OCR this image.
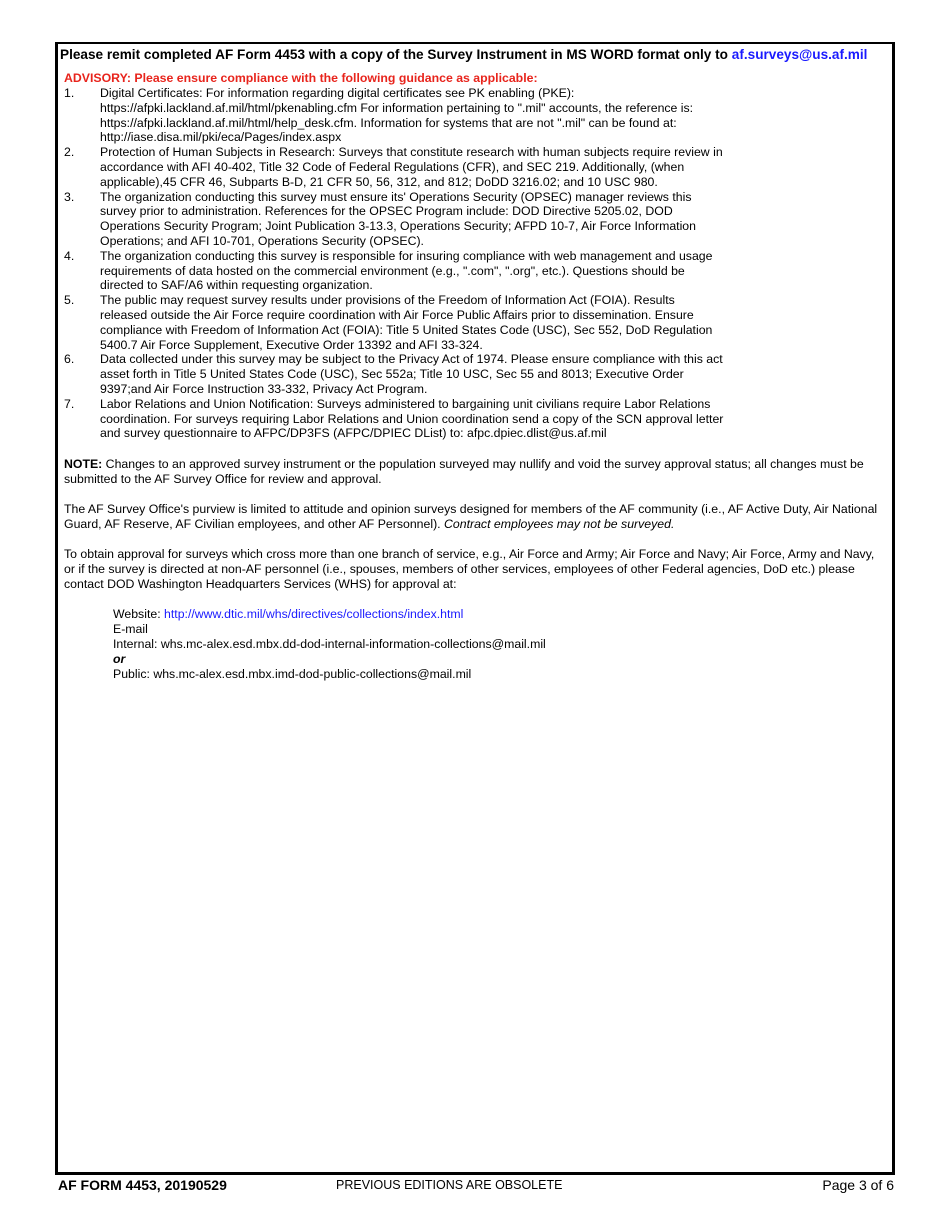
Please remit completed AF Form 4453 with a copy of the Survey Instrument in MS WORD format only to af.surveys@us.af.mil
ADVISORY: Please ensure compliance with the following guidance as applicable:
1. Digital Certificates: For information regarding digital certificates see PK enabling (PKE):
https://afpki.lackland.af.mil/html/pkenabling.cfm For information pertaining to ".mil" accounts, the reference is:
https://afpki.lackland.af.mil/html/help_desk.cfm. Information for systems that are not ".mil" can be found at:
http://iase.disa.mil/pki/eca/Pages/index.aspx
2. Protection of Human Subjects in Research: Surveys that constitute research with human subjects require review in
accordance with AFI 40-402, Title 32 Code of Federal Regulations (CFR), and SEC 219. Additionally, (when
applicable),45 CFR 46, Subparts B-D, 21 CFR 50, 56, 312, and 812; DoDD 3216.02; and 10 USC 980.
3. The organization conducting this survey must ensure its' Operations Security (OPSEC) manager reviews this
survey prior to administration. References for the OPSEC Program include: DOD Directive 5205.02, DOD
Operations Security Program; Joint Publication 3-13.3, Operations Security; AFPD 10-7, Air Force Information
Operations; and AFI 10-701, Operations Security (OPSEC).
4. The organization conducting this survey is responsible for insuring compliance with web management and usage
requirements of data hosted on the commercial environment (e.g., ".com", ".org", etc.). Questions should be
directed to SAF/A6 within requesting organization.
5. The public may request survey results under provisions of the Freedom of Information Act (FOIA). Results
released outside the Air Force require coordination with Air Force Public Affairs prior to dissemination. Ensure
compliance with Freedom of Information Act (FOIA): Title 5 United States Code (USC), Sec 552, DoD Regulation
5400.7 Air Force Supplement, Executive Order 13392 and AFI 33-324.
6. Data collected under this survey may be subject to the Privacy Act of 1974. Please ensure compliance with this act
asset forth in Title 5 United States Code (USC), Sec 552a; Title 10 USC, Sec 55 and 8013; Executive Order
9397;and Air Force Instruction 33-332, Privacy Act Program.
7. Labor Relations and Union Notification: Surveys administered to bargaining unit civilians require Labor Relations
coordination. For surveys requiring Labor Relations and Union coordination send a copy of the SCN approval letter
and survey questionnaire to AFPC/DP3FS (AFPC/DPIEC DList) to: afpc.dpiec.dlist@us.af.mil
NOTE: Changes to an approved survey instrument or the population surveyed may nullify and void the survey approval status; all changes must be
submitted to the AF Survey Office for review and approval.
The AF Survey Office's purview is limited to attitude and opinion surveys designed for members of the AF community (i.e., AF Active Duty, Air National
Guard, AF Reserve, AF Civilian employees, and other AF Personnel). Contract employees may not be surveyed.
To obtain approval for surveys which cross more than one branch of service, e.g., Air Force and Army; Air Force and Navy; Air Force, Army and Navy,
or if the survey is directed at non-AF personnel (i.e., spouses, members of other services, employees of other Federal agencies, DoD etc.) please
contact DOD Washington Headquarters Services (WHS) for approval at:
Website: http://www.dtic.mil/whs/directives/collections/index.html
E-mail
Internal: whs.mc-alex.esd.mbx.dd-dod-internal-information-collections@mail.mil
or
Public: whs.mc-alex.esd.mbx.imd-dod-public-collections@mail.mil
AF FORM 4453, 20190529	PREVIOUS EDITIONS ARE OBSOLETE	Page 3 of 6
